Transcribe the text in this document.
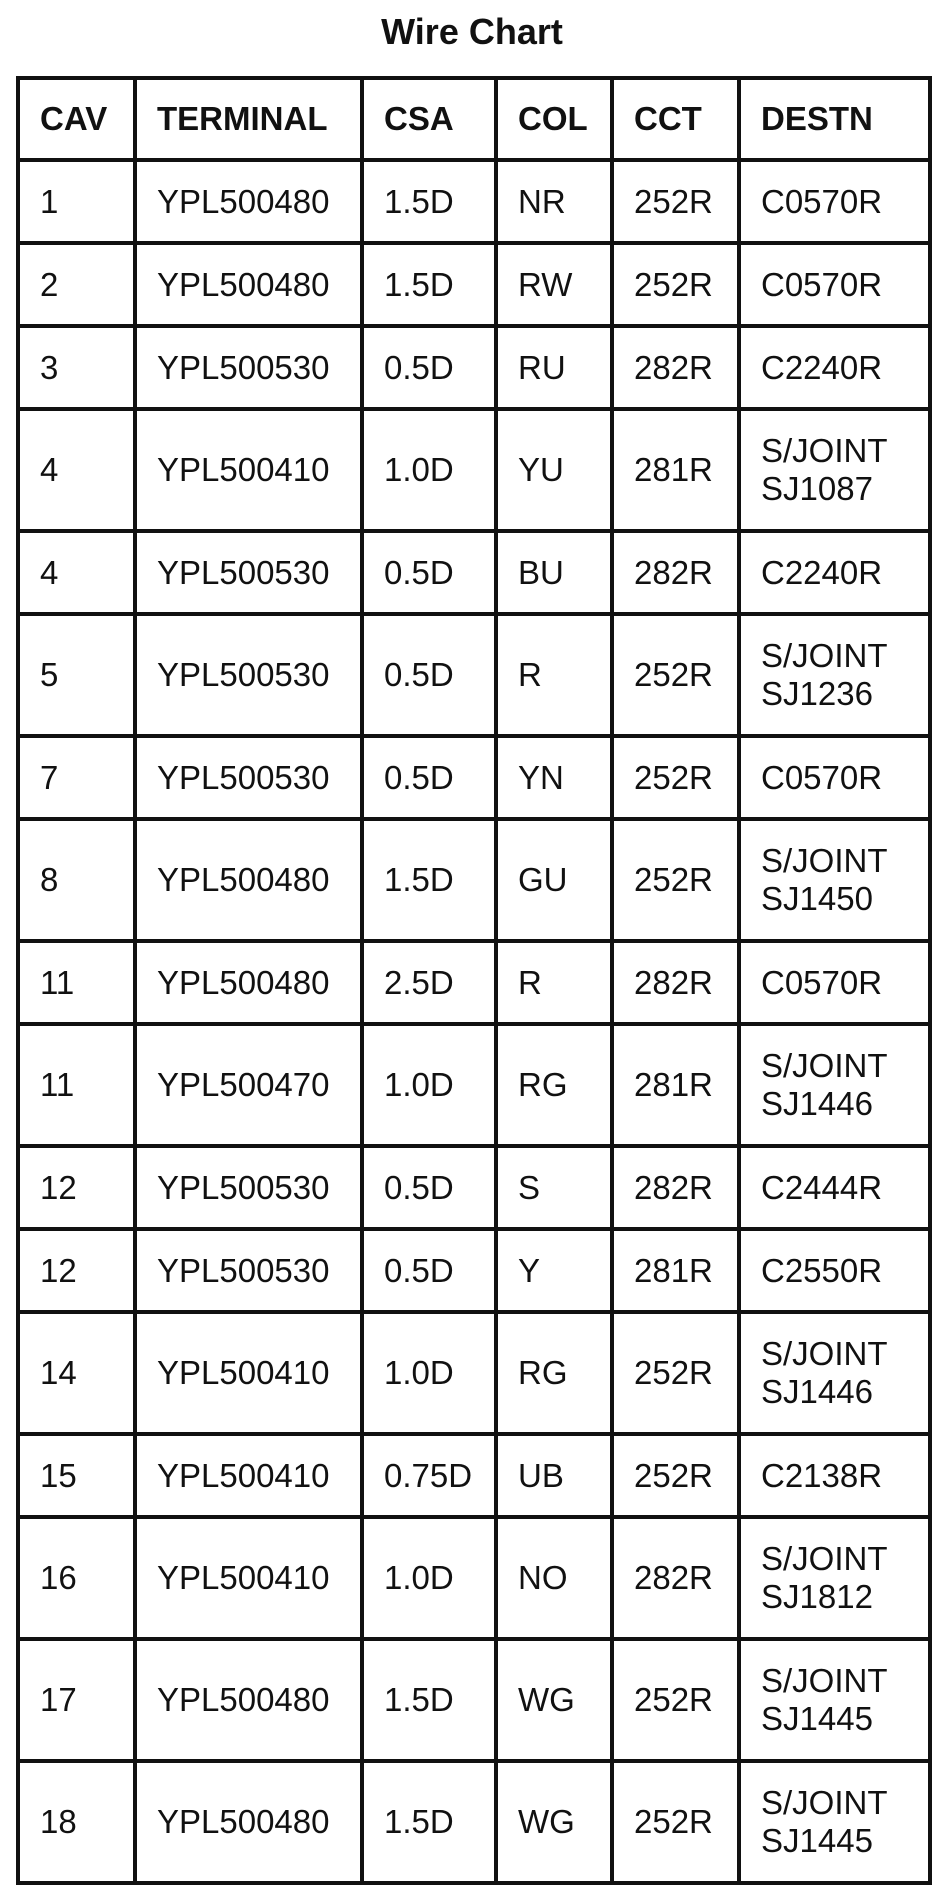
Wire Chart
CAV	TERMINAL	CSA	COL	CCT	DESTN
1	YPL500480	1.5D	NR	252R	C0570R

2	YPL500480	1.5D	RW	252R	C0570R

3	YPL500530	0.5D	RU	282R	C2240R

4	YPL500410	1.0D	YU	281R	S/JOINT
SJ1087

4	YPL500530	0.5D	BU	282R	C2240R

5	YPL500530	0.5D	R	252R	S/JOINT
SJ1236

7	YPL500530	0.5D	YN	252R	C0570R

8	YPL500480	1.5D	GU	252R	S/JOINT
SJ1450

11	YPL500480	2.5D	R	282R	C0570R

11	YPL500470	1.0D	RG	281R	S/JOINT
SJ1446

12	YPL500530	0.5D	S	282R	C2444R

12	YPL500530	0.5D	Y	281R	C2550R

14	YPL500410	1.0D	RG	252R	S/JOINT
SJ1446

15	YPL500410	0.75D	UB	252R	C2138R

16	YPL500410	1.0D	NO	282R	S/JOINT
SJ1812

17	YPL500480	1.5D	WG	252R	S/JOINT
SJ1445

18	YPL500480	1.5D	WG	252R	S/JOINT
SJ1445
